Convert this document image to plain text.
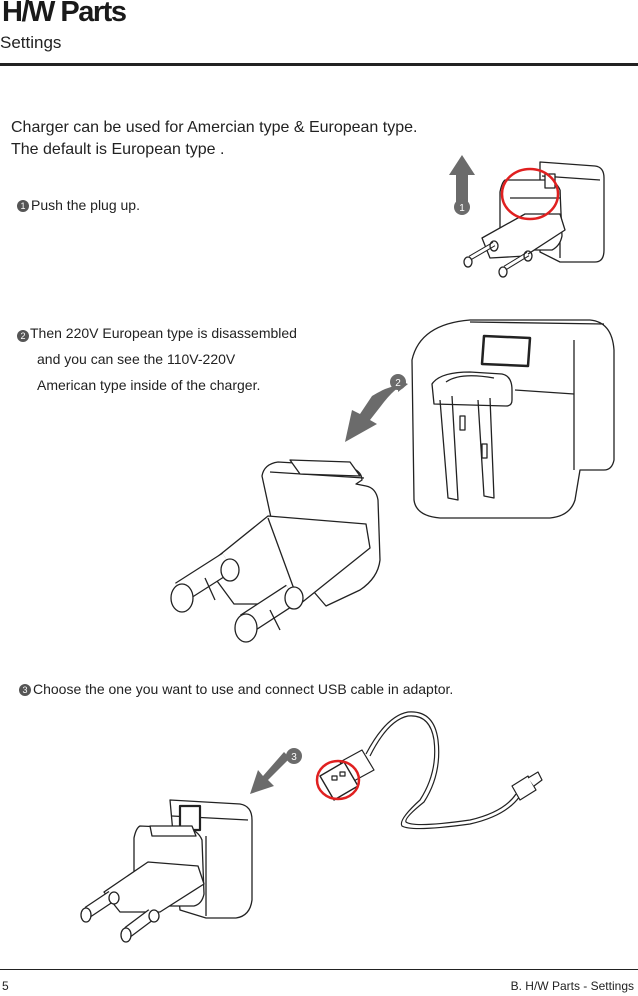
H/W Parts
Settings
Charger can be used for Amercian type & European type.
The default is European type .
1 Push the plug up.
2 Then 220V European type is disassembled
and you can see the 110V-220V
American type inside of the charger.
3 Choose the one you want to use and connect USB cable in adaptor.
1
2
3
5	B. H/W Parts - Settings
